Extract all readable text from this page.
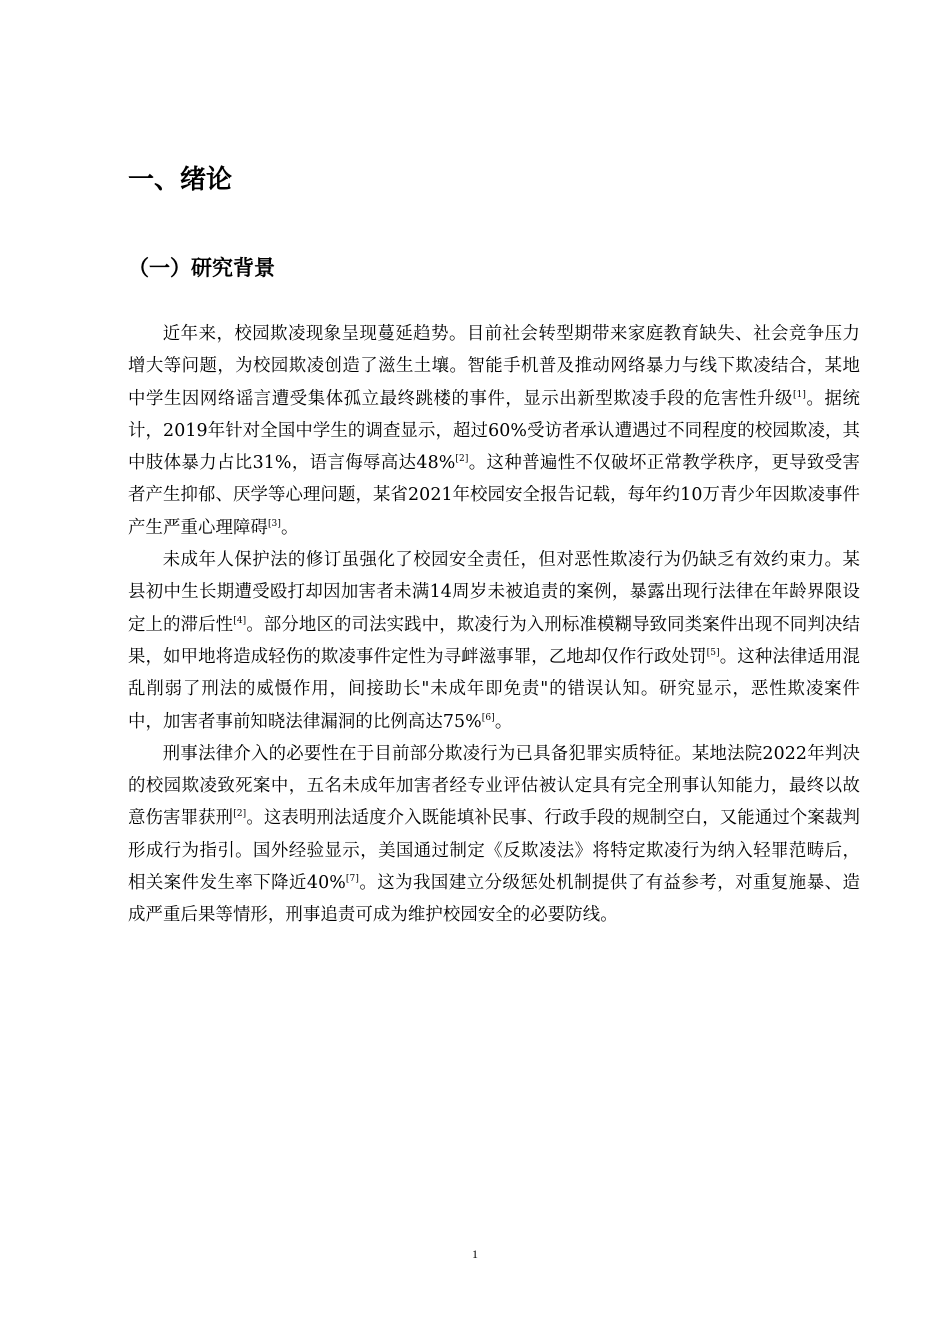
一、绪论
（一）研究背景

近年来，校园欺凌现象呈现蔓延趋势。目前社会转型期带来家庭教育缺失、社会竞争压力增大等问题，为校园欺凌创造了滋生土壤。智能手机普及推动网络暴力与线下欺凌结合，某地中学生因网络谣言遭受集体孤立最终跳楼的事件，显示出新型欺凌手段的危害性升级[1]。据统计，2019年针对全国中学生的调查显示，超过60%受访者承认遭遇过不同程度的校园欺凌，其中肢体暴力占比31%，语言侮辱高达48%[2]。这种普遍性不仅破坏正常教学秩序，更导致受害者产生抑郁、厌学等心理问题，某省2021年校园安全报告记载，每年约10万青少年因欺凌事件产生严重心理障碍[3]。

未成年人保护法的修订虽强化了校园安全责任，但对恶性欺凌行为仍缺乏有效约束力。某县初中生长期遭受殴打却因加害者未满14周岁未被追责的案例，暴露出现行法律在年龄界限设定上的滞后性[4]。部分地区的司法实践中，欺凌行为入刑标准模糊导致同类案件出现不同判决结果，如甲地将造成轻伤的欺凌事件定性为寻衅滋事罪，乙地却仅作行政处罚[5]。这种法律适用混乱削弱了刑法的威慑作用，间接助长"未成年即免责"的错误认知。研究显示，恶性欺凌案件中，加害者事前知晓法律漏洞的比例高达75%[6]。

刑事法律介入的必要性在于目前部分欺凌行为已具备犯罪实质特征。某地法院2022年判决的校园欺凌致死案中，五名未成年加害者经专业评估被认定具有完全刑事认知能力，最终以故意伤害罪获刑[2]。这表明刑法适度介入既能填补民事、行政手段的规制空白，又能通过个案裁判形成行为指引。国外经验显示，美国通过制定《反欺凌法》将特定欺凌行为纳入轻罪范畴后，相关案件发生率下降近40%[7]。这为我国建立分级惩处机制提供了有益参考，对重复施暴、造成严重后果等情形，刑事追责可成为维护校园安全的必要防线。

1
